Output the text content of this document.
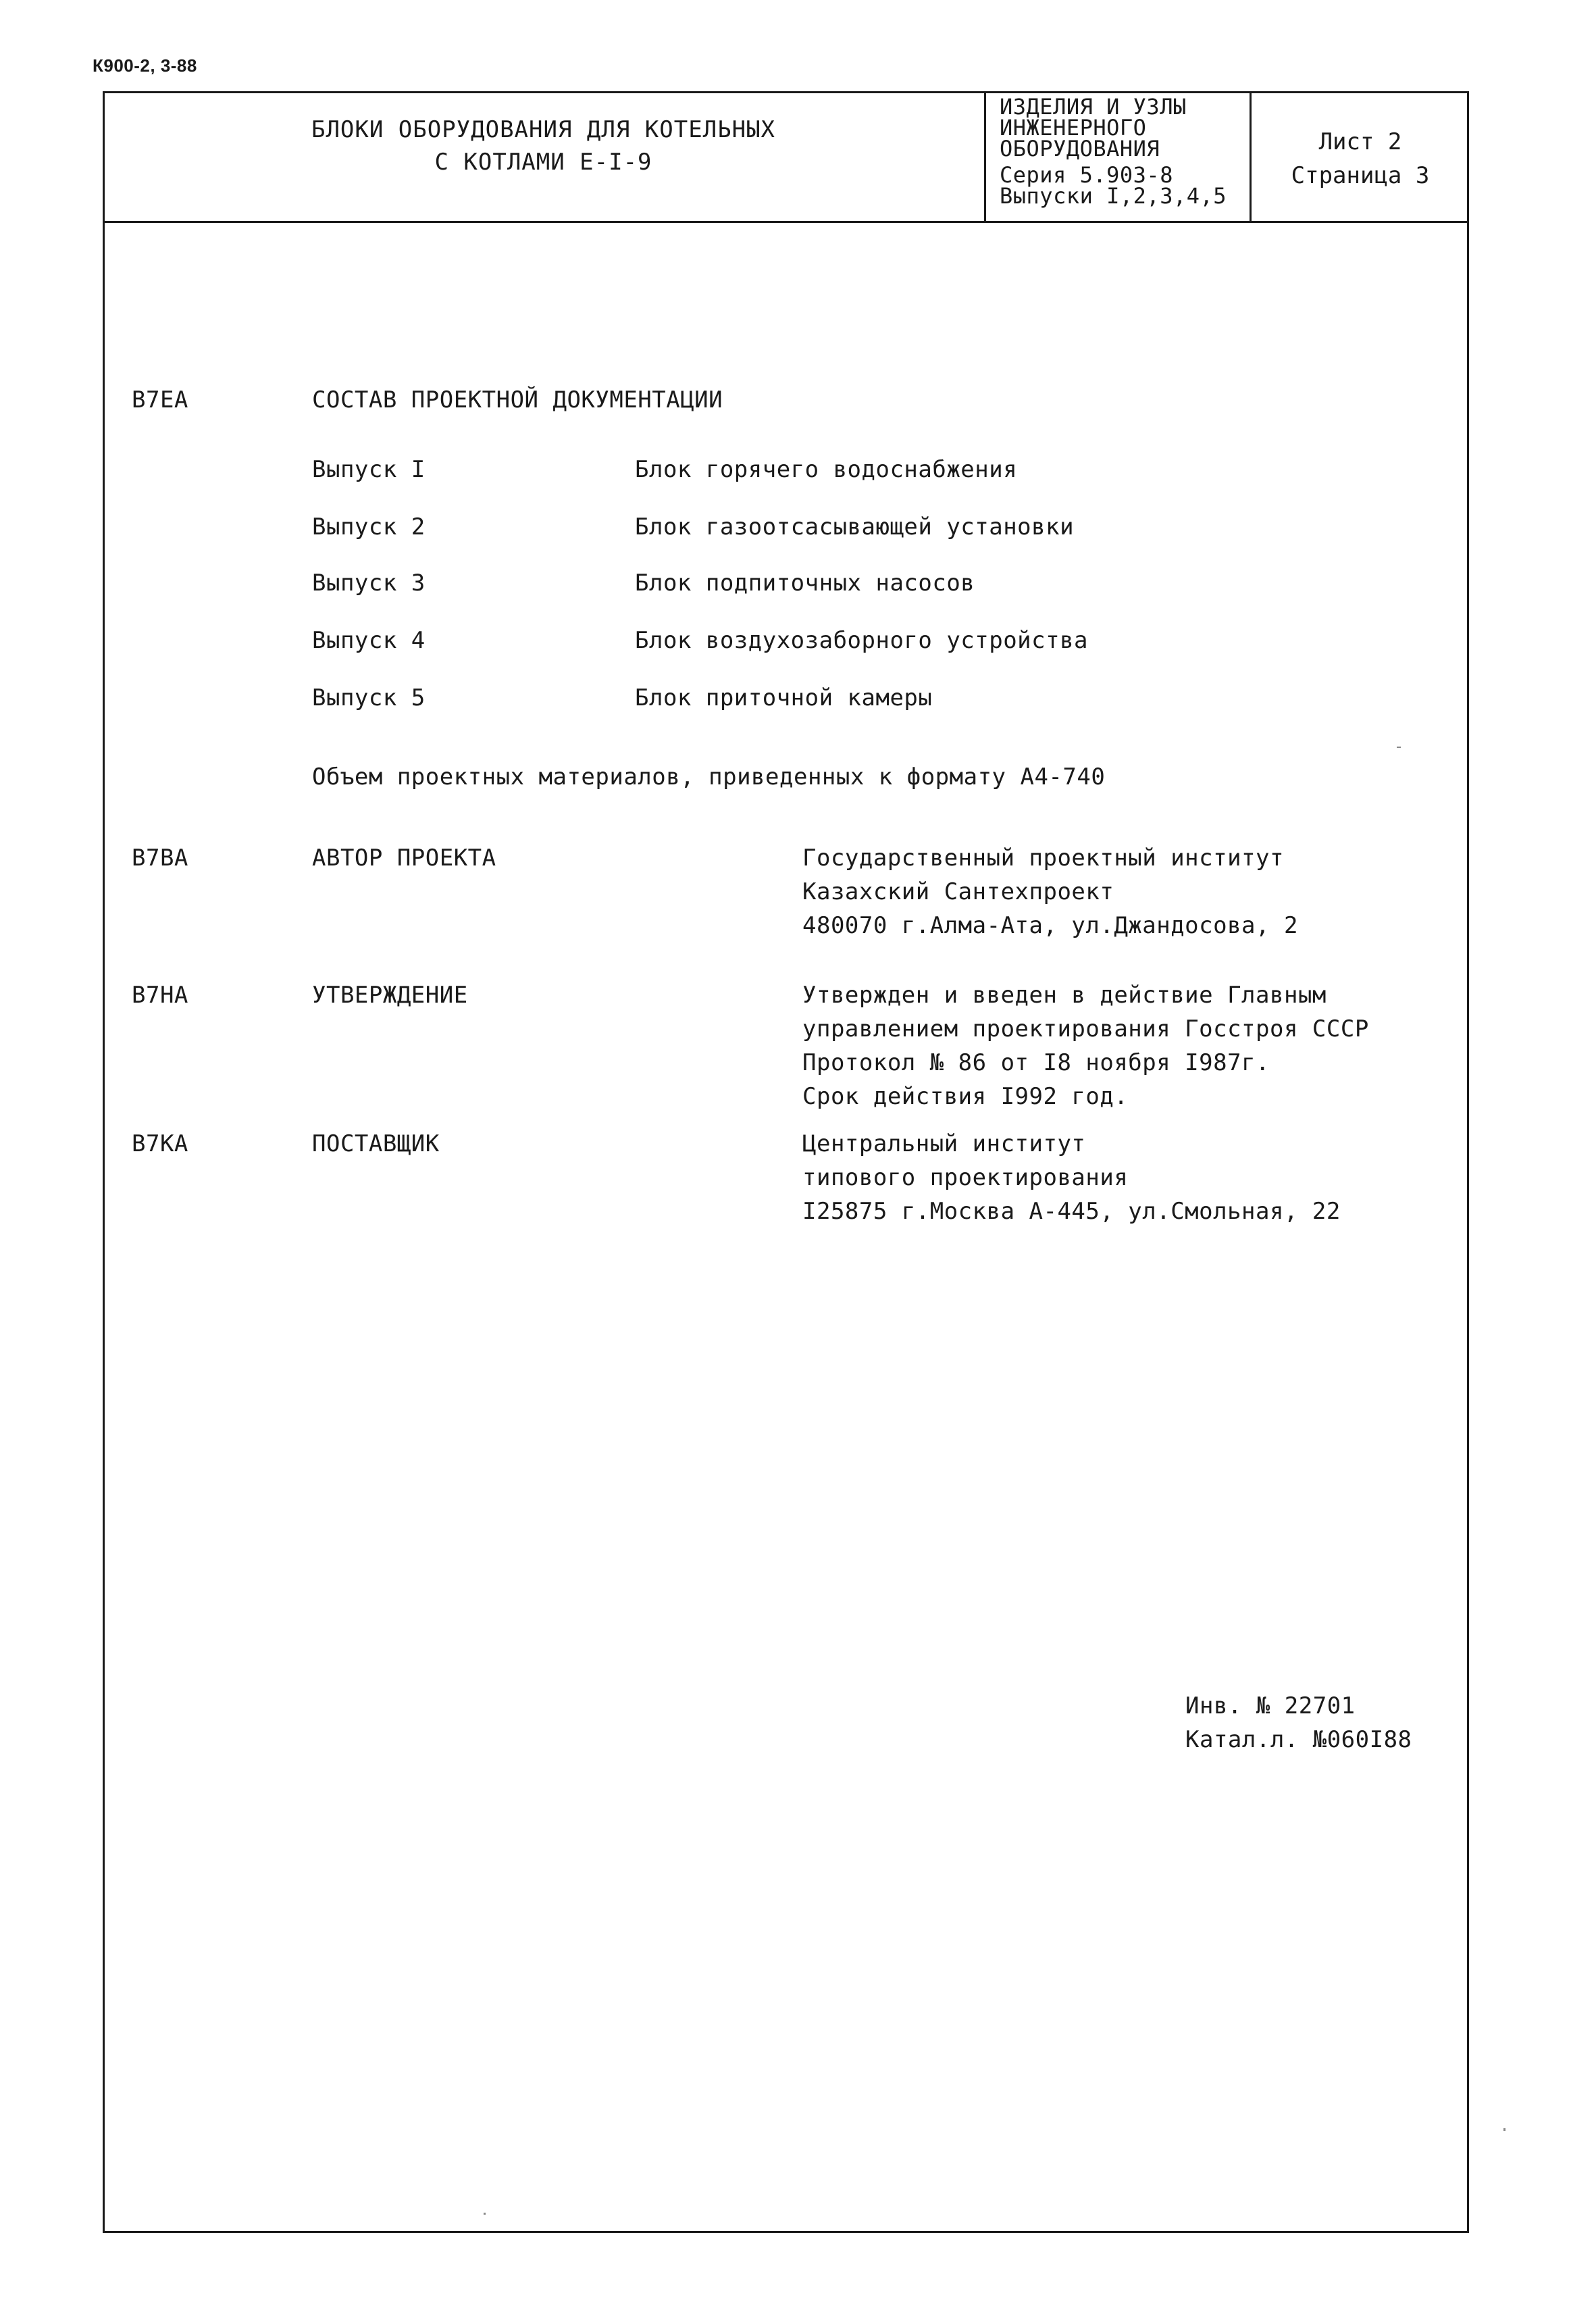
К900-2, 3-88
БЛОКИ ОБОРУДОВАНИЯ ДЛЯ КОТЕЛЬНЫХ
С КОТЛАМИ Е-I-9
ИЗДЕЛИЯ И УЗЛЫ
ИНЖЕНЕРНОГО
ОБОРУДОВАНИЯ
Серия 5.903-8
Выпуски I,2,3,4,5
Лист 2
Страница 3
В7ЕА	СОСТАВ ПРОЕКТНОЙ ДОКУМЕНТАЦИИ
Выпуск I	Блок горячего водоснабжения
Выпуск 2	Блок газоотсасывающей установки
Выпуск 3	Блок подпиточных насосов
Выпуск 4	Блок воздухозаборного устройства
Выпуск 5	Блок приточной камеры
Объем проектных материалов, приведенных к формату А4-740
В7ВА	АВТОР ПРОЕКТА	Государственный проектный институт
Казахский Сантехпроект
480070 г.Алма-Ата, ул.Джандосова, 2
В7НА	УТВЕРЖДЕНИЕ	Утвержден и введен в действие Главным
управлением проектирования Госстроя СССР
Протокол № 86 от I8 ноября I987г.
Срок действия I992 год.
В7КА	ПОСТАВЩИК	Центральный институт
типового проектирования
I25875 г.Москва А-445, ул.Смольная, 22
Инв. № 22701
Катал.л. №060I88
